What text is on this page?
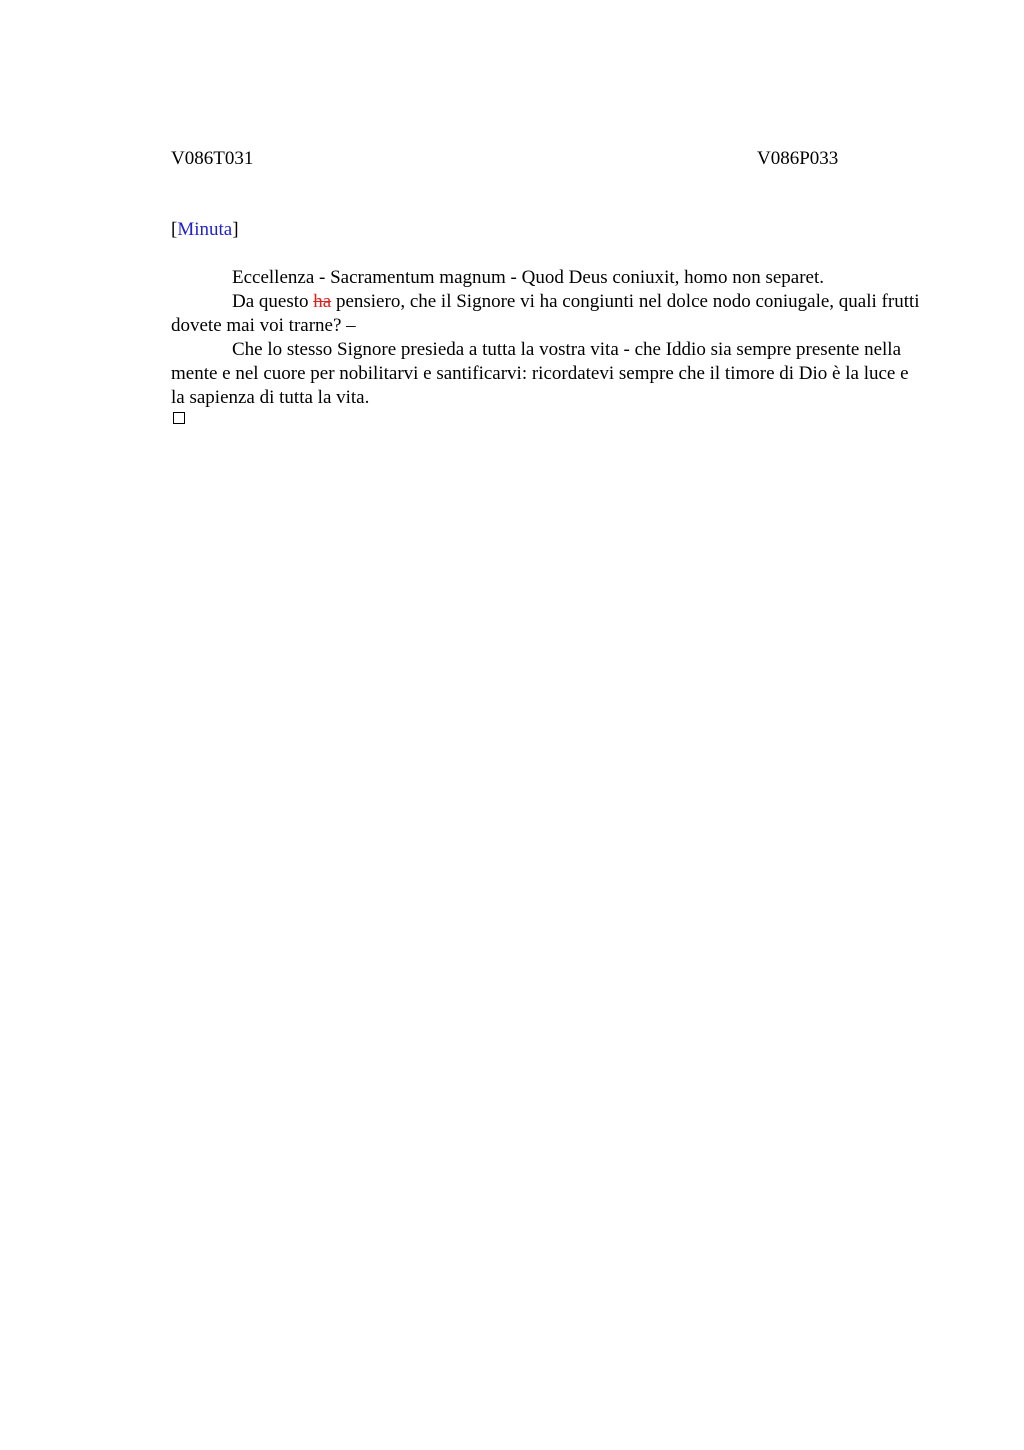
V086T031	V086P033
[Minuta]

Eccellenza - Sacramentum magnum - Quod Deus coniuxit, homo non separet.

Da questo ha pensiero, che il Signore vi ha congiunti nel dolce nodo coniugale, quali frutti dovete mai voi trarne? –

Che lo stesso Signore presieda a tutta la vostra vita - che Iddio sia sempre presente nella mente e nel cuore per nobilitarvi e santificarvi: ricordatevi sempre che il timore di Dio è la luce e la sapienza di tutta la vita.
